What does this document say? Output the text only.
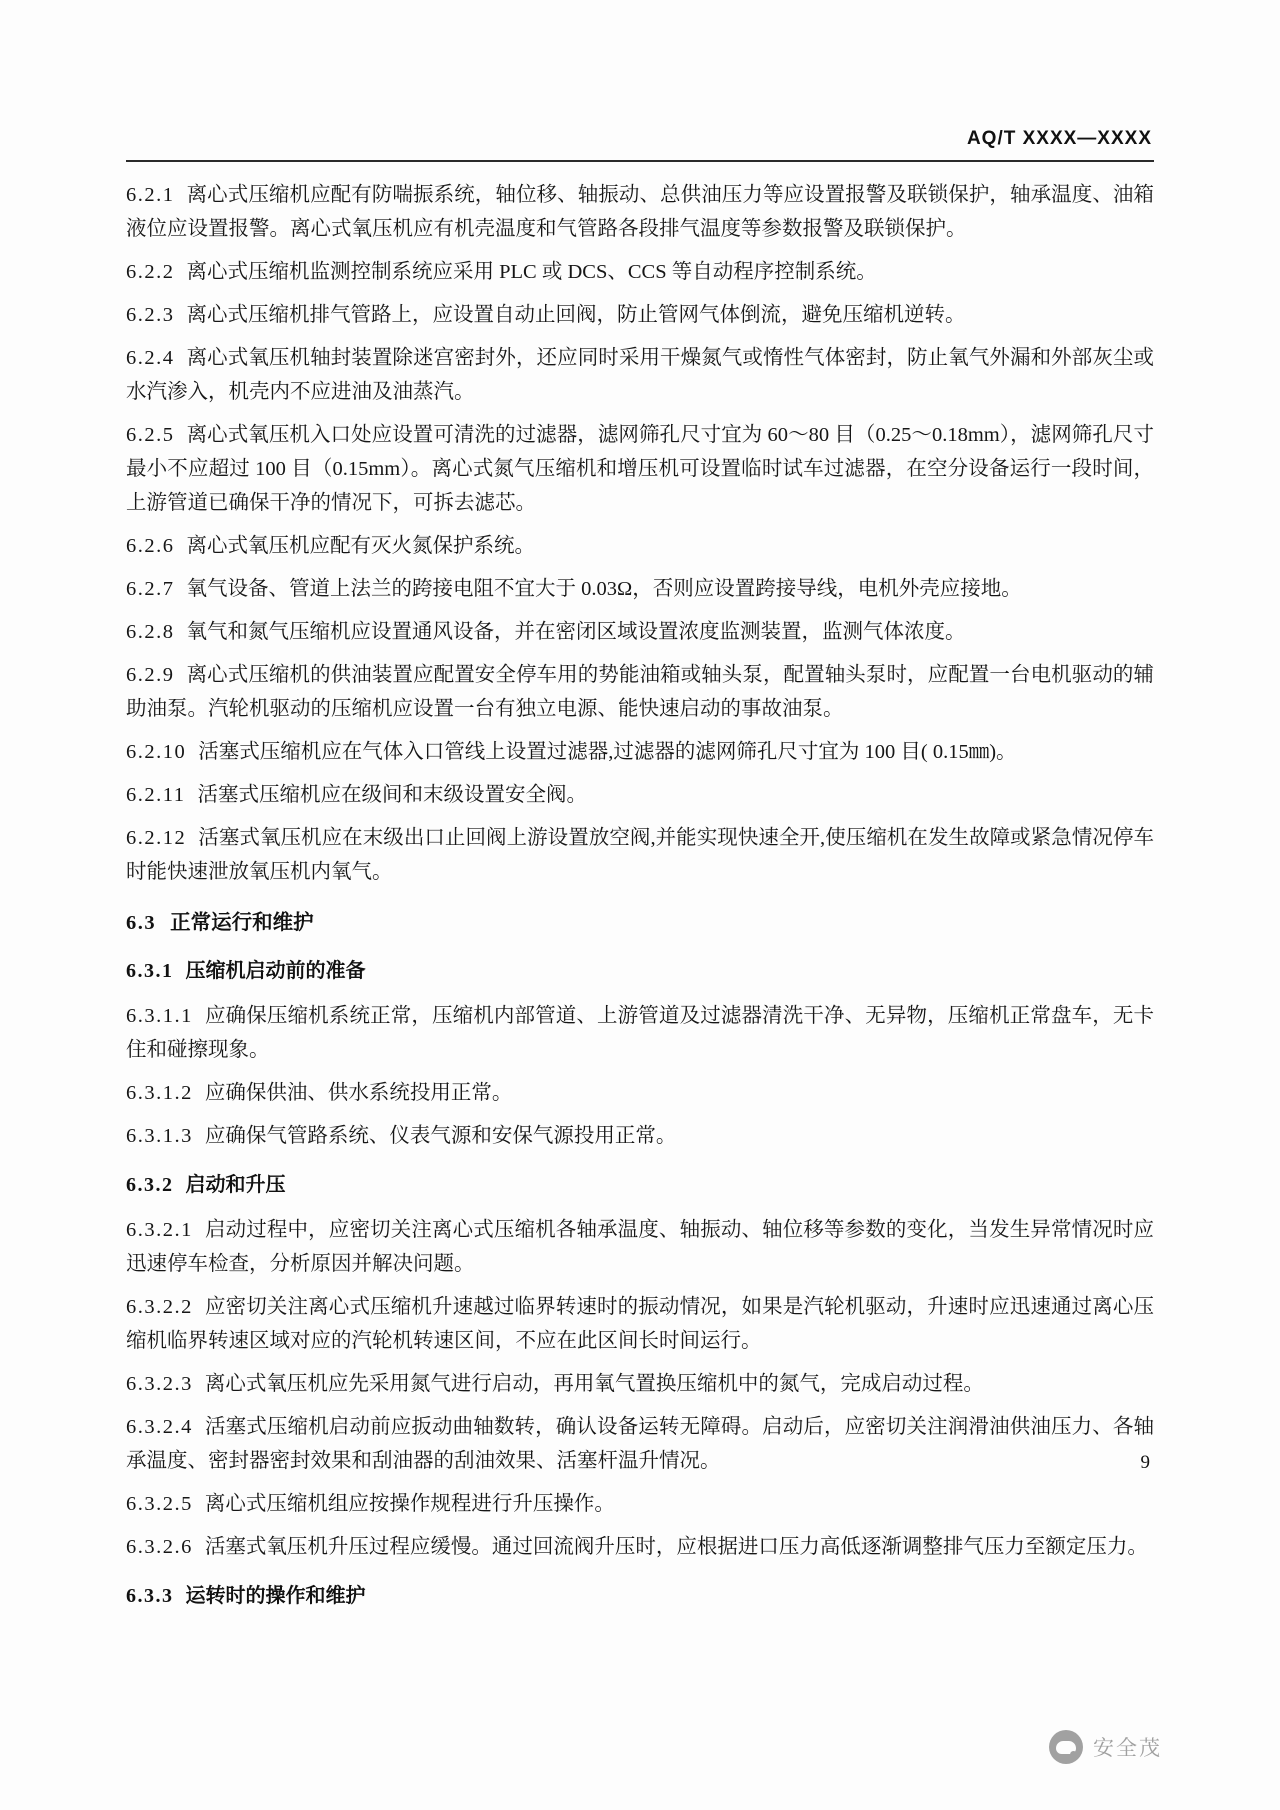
AQ/T XXXX—XXXX

6.2.1 离心式压缩机应配有防喘振系统，轴位移、轴振动、总供油压力等应设置报警及联锁保护，轴承温度、油箱液位应设置报警。离心式氧压机应有机壳温度和气管路各段排气温度等参数报警及联锁保护。

6.2.2 离心式压缩机监测控制系统应采用 PLC 或 DCS、CCS 等自动程序控制系统。

6.2.3 离心式压缩机排气管路上，应设置自动止回阀，防止管网气体倒流，避免压缩机逆转。

6.2.4 离心式氧压机轴封装置除迷宫密封外，还应同时采用干燥氮气或惰性气体密封，防止氧气外漏和外部灰尘或水汽渗入，机壳内不应进油及油蒸汽。

6.2.5 离心式氧压机入口处应设置可清洗的过滤器，滤网筛孔尺寸宜为 60～80 目（0.25～0.18mm），滤网筛孔尺寸最小不应超过 100 目（0.15mm）。离心式氮气压缩机和增压机可设置临时试车过滤器，在空分设备运行一段时间，上游管道已确保干净的情况下，可拆去滤芯。

6.2.6 离心式氧压机应配有灭火氮保护系统。

6.2.7 氧气设备、管道上法兰的跨接电阻不宜大于 0.03Ω，否则应设置跨接导线，电机外壳应接地。

6.2.8 氧气和氮气压缩机应设置通风设备，并在密闭区域设置浓度监测装置，监测气体浓度。

6.2.9 离心式压缩机的供油装置应配置安全停车用的势能油箱或轴头泵，配置轴头泵时，应配置一台电机驱动的辅助油泵。汽轮机驱动的压缩机应设置一台有独立电源、能快速启动的事故油泵。

6.2.10 活塞式压缩机应在气体入口管线上设置过滤器,过滤器的滤网筛孔尺寸宜为 100 目( 0.15㎜)。

6.2.11 活塞式压缩机应在级间和末级设置安全阀。

6.2.12 活塞式氧压机应在末级出口止回阀上游设置放空阀,并能实现快速全开,使压缩机在发生故障或紧急情况停车时能快速泄放氧压机内氧气。

6.3 正常运行和维护
6.3.1 压缩机启动前的准备

6.3.1.1 应确保压缩机系统正常，压缩机内部管道、上游管道及过滤器清洗干净、无异物，压缩机正常盘车，无卡住和碰擦现象。

6.3.1.2 应确保供油、供水系统投用正常。

6.3.1.3 应确保气管路系统、仪表气源和安保气源投用正常。

6.3.2 启动和升压

6.3.2.1 启动过程中，应密切关注离心式压缩机各轴承温度、轴振动、轴位移等参数的变化，当发生异常情况时应迅速停车检查，分析原因并解决问题。

6.3.2.2 应密切关注离心式压缩机升速越过临界转速时的振动情况，如果是汽轮机驱动，升速时应迅速通过离心压缩机临界转速区域对应的汽轮机转速区间，不应在此区间长时间运行。

6.3.2.3 离心式氧压机应先采用氮气进行启动，再用氧气置换压缩机中的氮气，完成启动过程。

6.3.2.4 活塞式压缩机启动前应扳动曲轴数转，确认设备运转无障碍。启动后，应密切关注润滑油供油压力、各轴承温度、密封器密封效果和刮油器的刮油效果、活塞杆温升情况。

6.3.2.5 离心式压缩机组应按操作规程进行升压操作。

6.3.2.6 活塞式氧压机升压过程应缓慢。通过回流阀升压时，应根据进口压力高低逐渐调整排气压力至额定压力。

6.3.3 运转时的操作和维护
9
安全茂
